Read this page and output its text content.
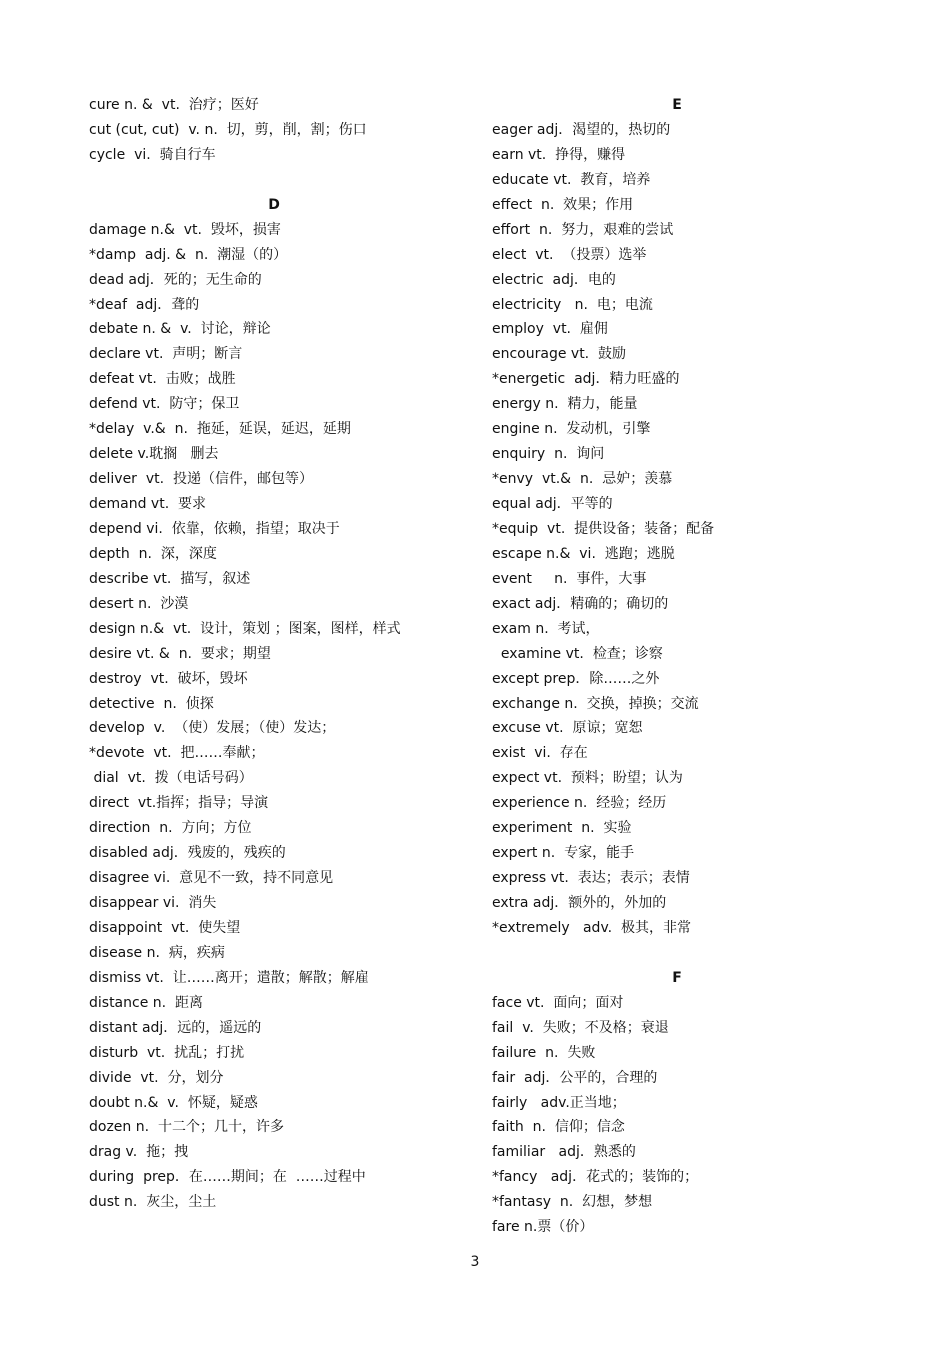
cure n. &  vt.  治疗；医好
cut (cut, cut)  v. n.  切，剪，削，割；伤口
cycle  vi.  骑自行车
D
damage n.&  vt.  毁坏，损害
*damp  adj. &  n.  潮湿（的）
dead adj．死的；无生命的
*deaf  adj．聋的
debate n. &  v.  讨论，辩论
declare vt.  声明；断言
defeat vt.  击败；战胜
defend vt.  防守；保卫
*delay  v.&  n.  拖延，延误，延迟，延期
delete v.耽搁   删去
deliver  vt.  投递（信件，邮包等）
demand vt.  要求
depend vi.  依靠，依赖，指望；取决于
depth  n.  深，深度
describe vt.  描写，叙述
desert n.  沙漠
design n.&  vt.  设计，策划 ；图案，图样，样式
desire vt. &  n.  要求；期望
destroy  vt.  破坏，毁坏
detective  n.  侦探
develop  v.  （使）发展；（使）发达；
*devote  vt.  把……奉献；
dial  vt.  拨（电话号码）
direct  vt.指挥；指导；导演
direction  n.  方向；方位
disabled adj．残废的，残疾的
disagree vi.  意见不一致，持不同意见
disappear vi.  消失
disappoint  vt.  使失望
disease n.  病，疾病
dismiss vt.  让……离开；遣散；解散；解雇
distance n.  距离
distant adj．远的，遥远的
disturb  vt.  扰乱；打扰
divide  vt.  分，划分
doubt n.&  v.  怀疑，疑惑
dozen n.  十二个；几十，许多
drag v.  拖；拽
during  prep．在……期间；在  ……过程中
dust n.  灰尘，尘土
E
eager adj．渴望的，热切的
earn vt.  挣得，赚得
educate vt.  教育，培养
effect  n.  效果；作用
effort  n.  努力，艰难的尝试
elect  vt.  （投票）选举
electric  adj．电的
electricity   n.  电；电流
employ  vt.  雇佣
encourage vt.  鼓励
*energetic  adj．精力旺盛的
energy n.  精力，能量
engine n.  发动机，引擎
enquiry  n.  询问
*envy  vt.&  n.  忌妒；羡慕
equal adj．平等的
*equip  vt.  提供设备；装备；配备
escape n.&  vi.  逃跑；逃脱
event     n.  事件，大事
exact adj．精确的；确切的
exam n.  考试，
examine vt.  检查；诊察
except prep．除……之外
exchange n.  交换，掉换；交流
excuse vt.  原谅；宽恕
exist  vi.  存在
expect vt.  预料；盼望；认为
experience n.  经验；经历
experiment  n.  实验
expert n.  专家，能手
express vt.  表达；表示；表情
extra adj．额外的，外加的
*extremely   adv.  极其，非常
F
face vt.  面向；面对
fail  v.  失败；不及格；衰退
failure  n.  失败
fair  adj．公平的，合理的
fairly   adv.正当地；
faith  n.  信仰；信念
familiar   adj．熟悉的
*fancy   adj．花式的；装饰的；
*fantasy  n.  幻想，梦想
fare n.票（价）
3
